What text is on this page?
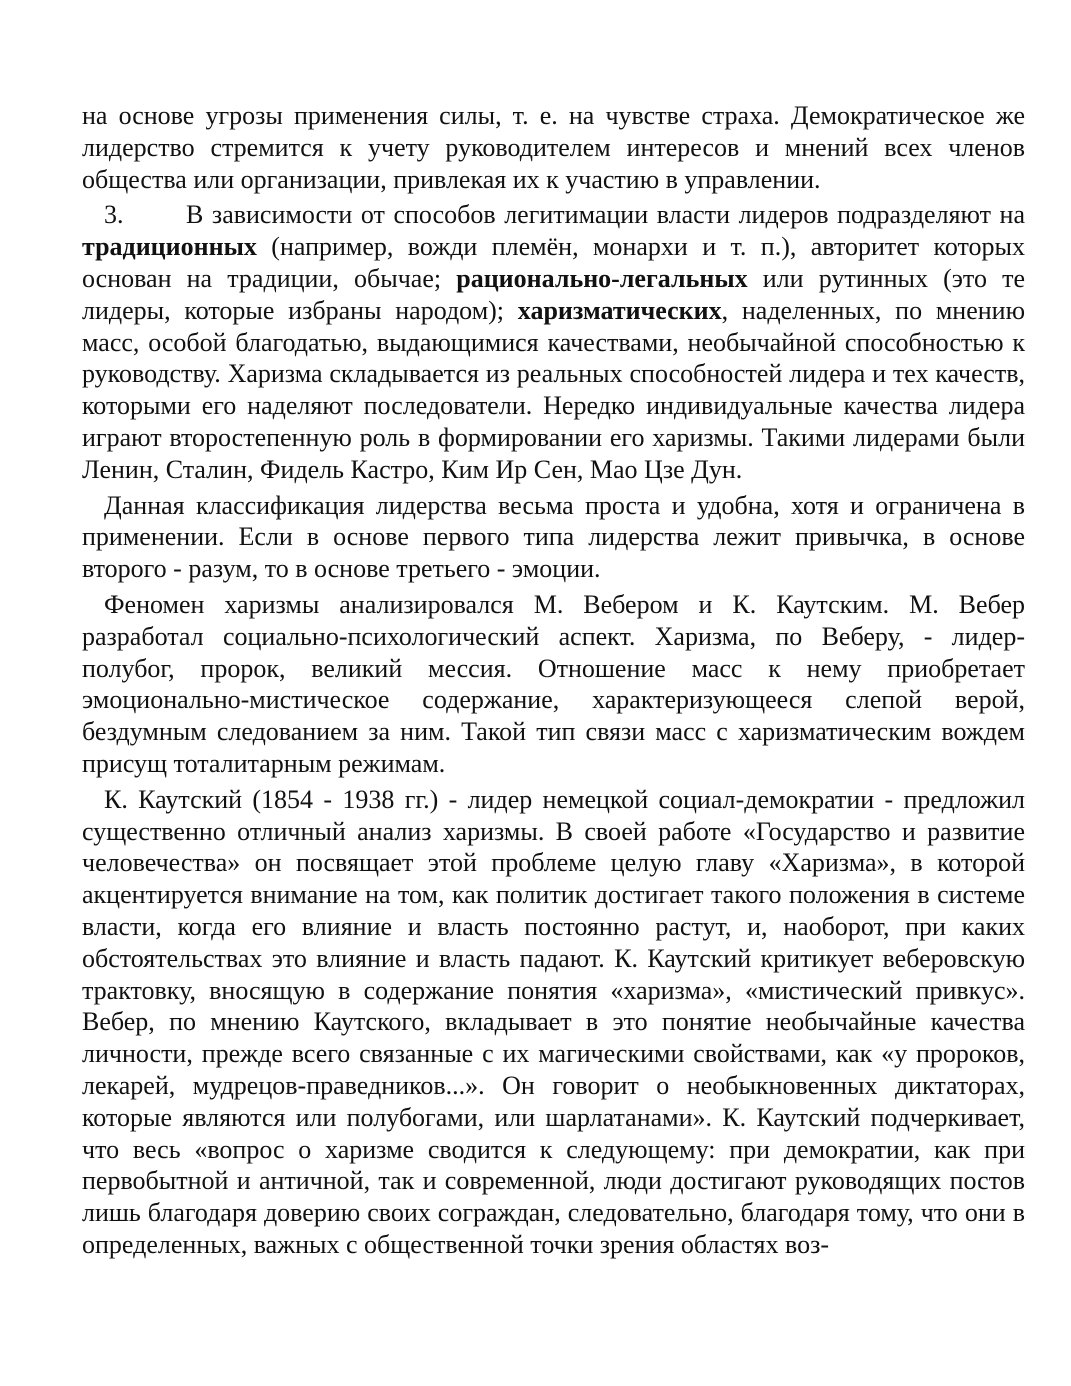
на основе угрозы применения силы, т. е. на чувстве страха. Демократическое же лидерство стремится к учету руководителем интересов и мнений всех членов общества или организации, привлекая их к участию в управлении.

3. В зависимости от способов легитимации власти лидеров подразделяют на традиционных (например, вожди племён, монархи и т. п.), авторитет которых основан на традиции, обычае; рационально-легальных или рутинных (это те лидеры, которые избраны народом); харизматических, наделенных, по мнению масс, особой благодатью, выдающимися качествами, необычайной способностью к руководству. Харизма складывается из реальных способностей лидера и тех качеств, которыми его наделяют последователи. Нередко индивидуальные качества лидера играют второстепенную роль в формировании его харизмы. Такими лидерами были Ленин, Сталин, Фидель Кастро, Ким Ир Сен, Мао Цзе Дун.

Данная классификация лидерства весьма проста и удобна, хотя и ограничена в применении. Если в основе первого типа лидерства лежит привычка, в основе второго - разум, то в основе третьего - эмоции.

Феномен харизмы анализировался М. Вебером и К. Каутским. М. Вебер разработал социально-психологический аспект. Харизма, по Веберу, - лидер-полубог, пророк, великий мессия. Отношение масс к нему приобретает эмоционально-мистическое содержание, характеризующееся слепой верой, бездумным следованием за ним. Такой тип связи масс с харизматическим вождем присущ тоталитарным режимам.

К. Каутский (1854 - 1938 гг.) - лидер немецкой социал-демократии - предложил существенно отличный анализ харизмы. В своей работе «Государство и развитие человечества» он посвящает этой проблеме целую главу «Харизма», в которой акцентируется внимание на том, как политик достигает такого положения в системе власти, когда его влияние и власть постоянно растут, и, наоборот, при каких обстоятельствах это влияние и власть падают. К. Каутский критикует веберовскую трактовку, вносящую в содержание понятия «харизма», «мистический привкус». Вебер, по мнению Каутского, вкладывает в это понятие необычайные качества личности, прежде всего связанные с их магическими свойствами, как «у пророков, лекарей, мудрецов-праведников...». Он говорит о необыкновенных диктаторах, которые являются или полубогами, или шарлатанами». К. Каутский подчеркивает, что весь «вопрос о харизме сводится к следующему: при демократии, как при первобытной и античной, так и современной, люди достигают руководящих постов лишь благодаря доверию своих сограждан, следовательно, благодаря тому, что они в определенных, важных с общественной точки зрения областях воз-
